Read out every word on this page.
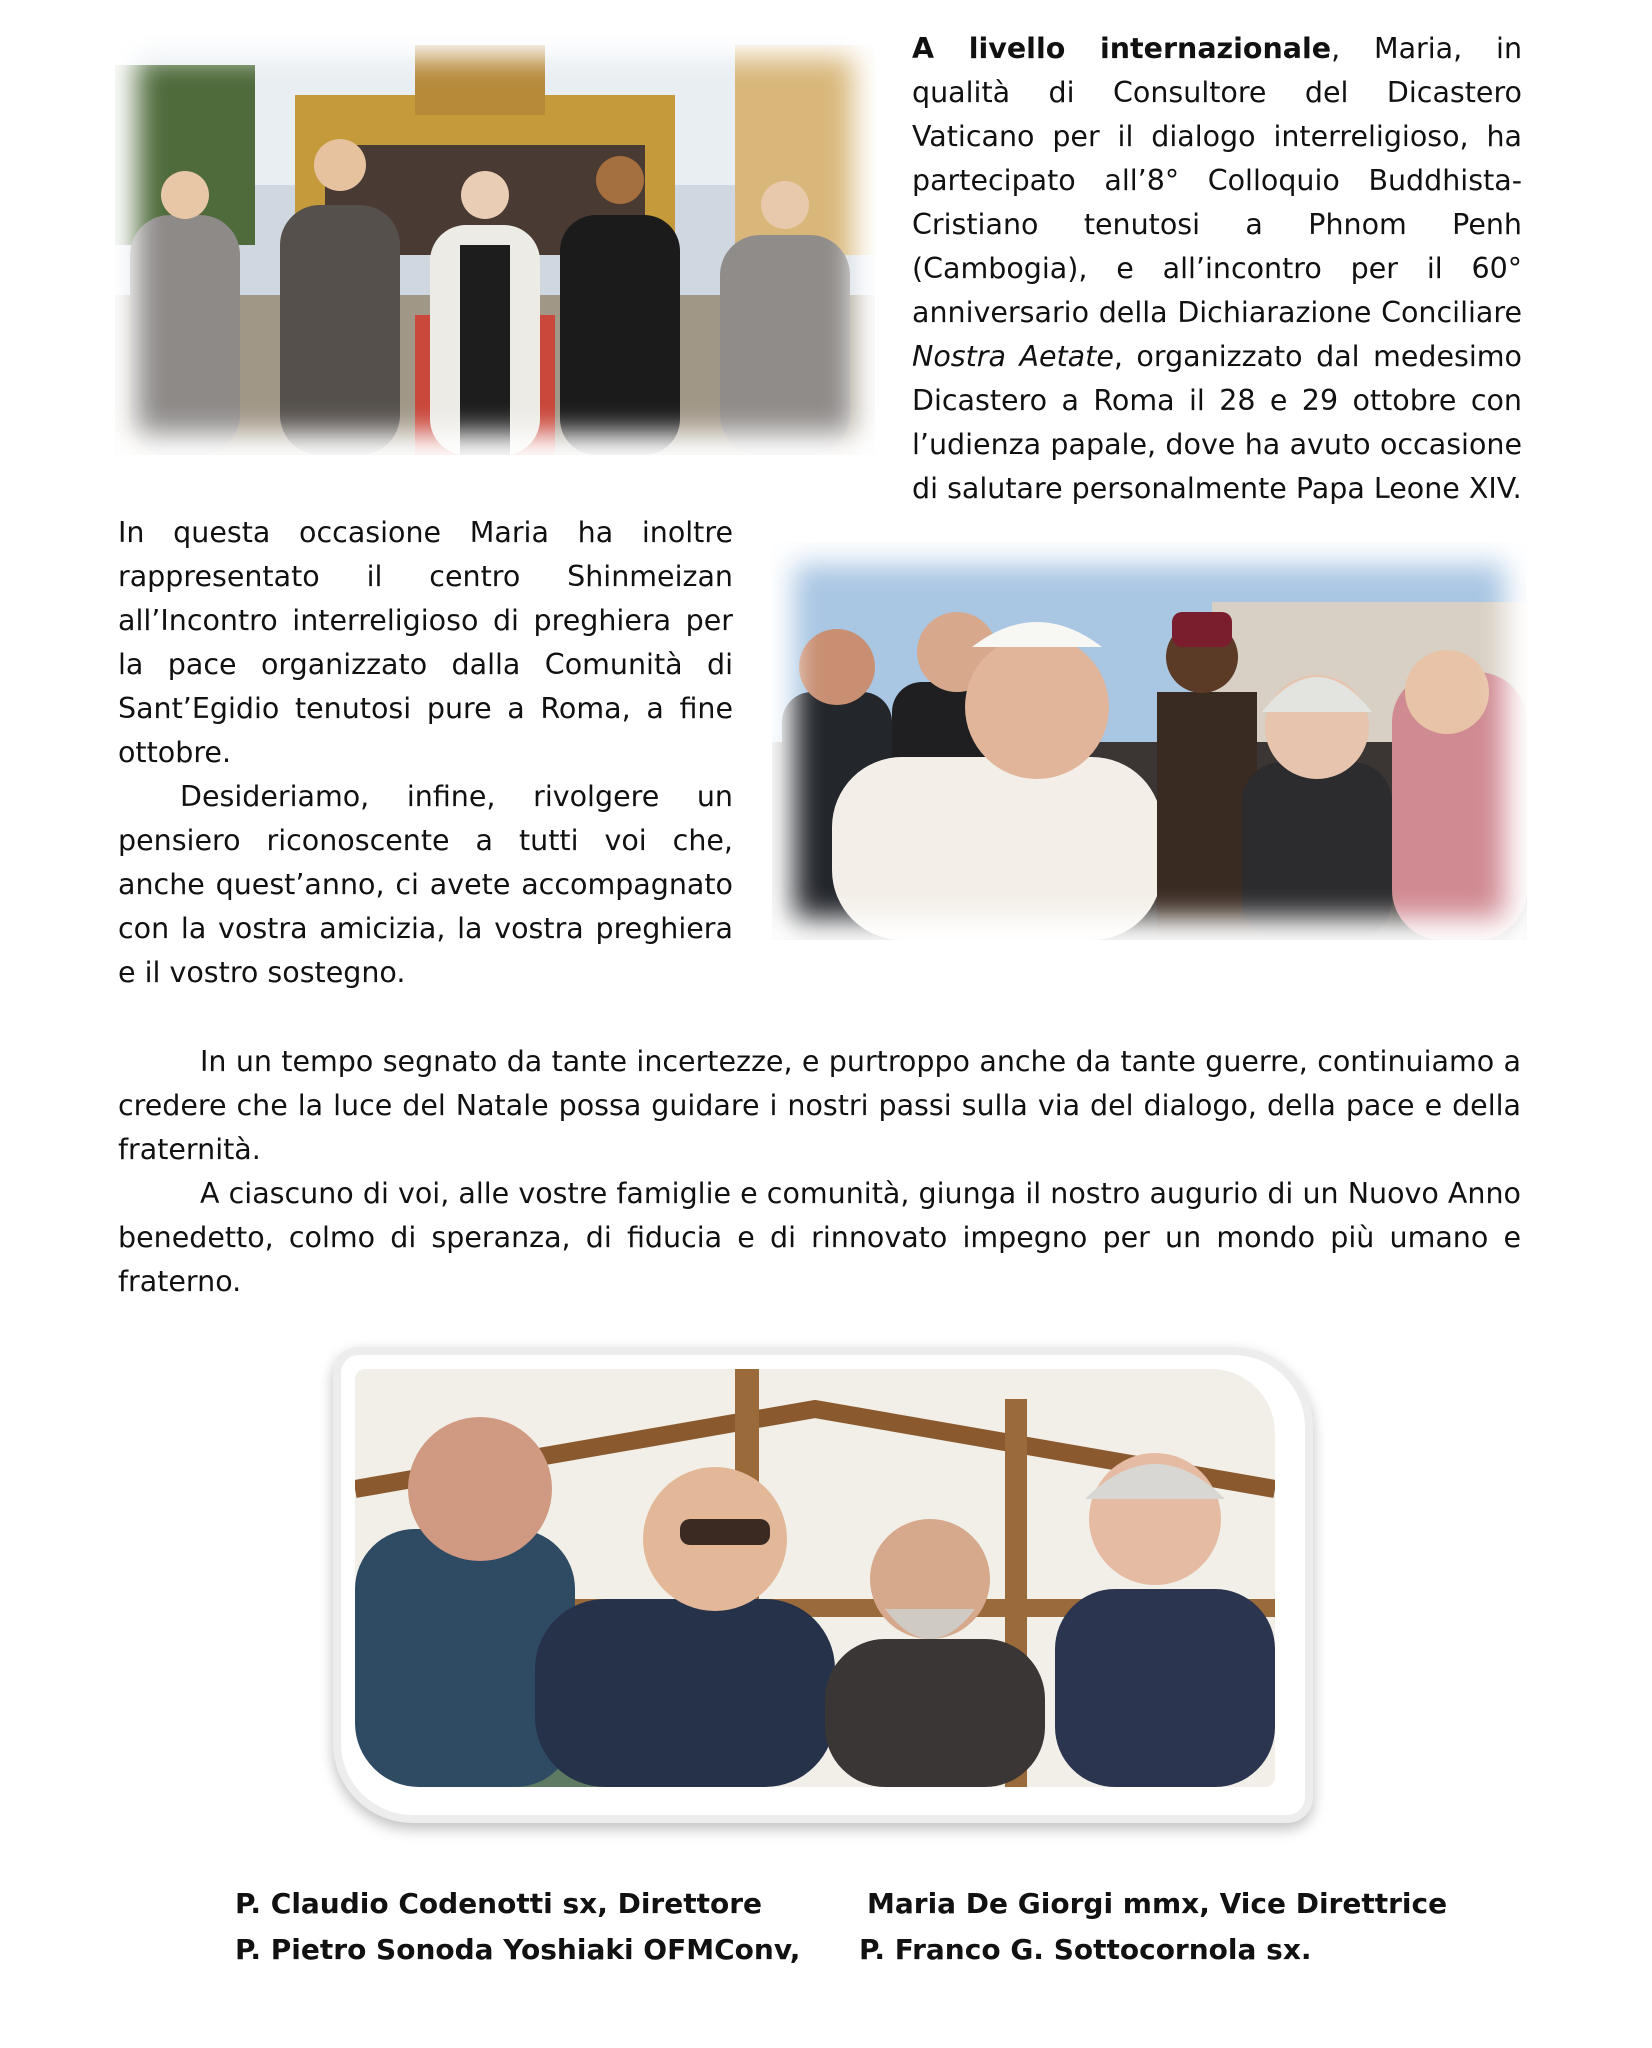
A livello internazionale, Maria, in qualità di Consultore del Dicastero Vaticano per il dialogo interreligioso, ha partecipato all’8° Colloquio Buddhista-Cristiano tenutosi a Phnom Penh (Cambogia), e all’incontro per il 60° anniversario della Dichiarazione Conciliare Nostra Aetate, organizzato dal medesimo Dicastero a Roma il 28 e 29 ottobre con l’udienza papale, dove ha avuto occasione di salutare personalmente Papa Leone XIV.

In questa occasione Maria ha inoltre rappresentato il centro Shinmeizan all’Incontro interreligioso di preghiera per la pace organizzato dalla Comunità di Sant’Egidio tenutosi pure a Roma, a fine ottobre.

Desideriamo, infine, rivolgere un pensiero riconoscente a tutti voi che, anche quest’anno, ci avete accompagnato con la vostra amicizia, la vostra preghiera e il vostro sostegno.

In un tempo segnato da tante incertezze, e purtroppo anche da tante guerre, continuiamo a credere che la luce del Natale possa guidare i nostri passi sulla via del dialogo, della pace e della fraternità.

A ciascuno di voi, alle vostre famiglie e comunità, giunga il nostro augurio di un Nuovo Anno benedetto, colmo di speranza, di fiducia e di rinnovato impegno per un mondo più umano e fraterno.

P. Claudio Codenotti sx, Direttore	Maria De Giorgi mmx, Vice Direttrice

P. Pietro Sonoda Yoshiaki OFMConv, P. Franco G. Sottocornola sx.
